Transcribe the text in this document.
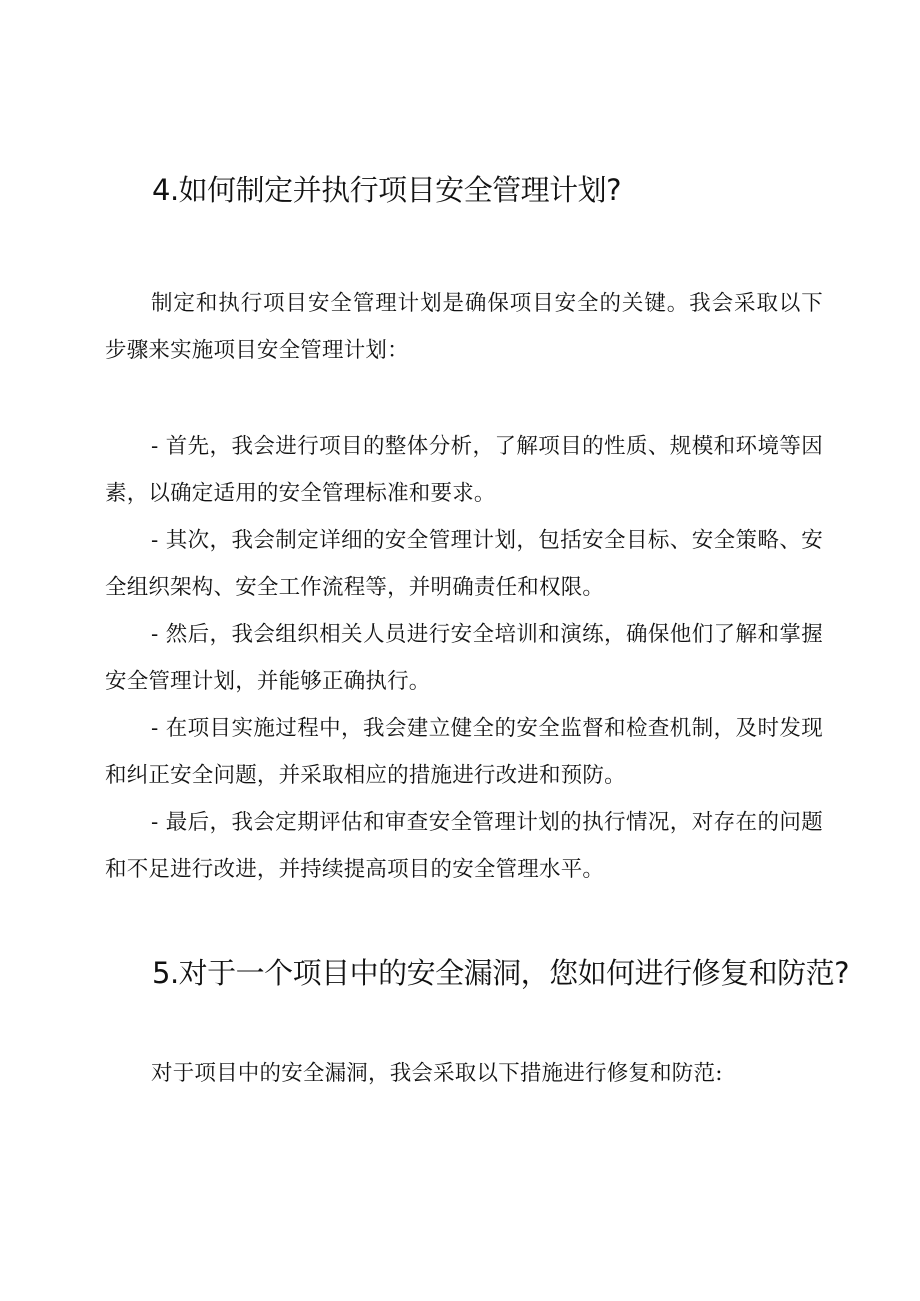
4.如何制定并执行项目安全管理计划?

制定和执行项目安全管理计划是确保项目安全的关键。我会采取以下步骤来实施项目安全管理计划：

- 首先，我会进行项目的整体分析，了解项目的性质、规模和环境等因素，以确定适用的安全管理标准和要求。
- 其次，我会制定详细的安全管理计划，包括安全目标、安全策略、安全组织架构、安全工作流程等，并明确责任和权限。
- 然后，我会组织相关人员进行安全培训和演练，确保他们了解和掌握安全管理计划，并能够正确执行。
- 在项目实施过程中，我会建立健全的安全监督和检查机制，及时发现和纠正安全问题，并采取相应的措施进行改进和预防。
- 最后，我会定期评估和审查安全管理计划的执行情况，对存在的问题和不足进行改进，并持续提高项目的安全管理水平。
5.对于一个项目中的安全漏洞，您如何进行修复和防范?

对于项目中的安全漏洞，我会采取以下措施进行修复和防范:
